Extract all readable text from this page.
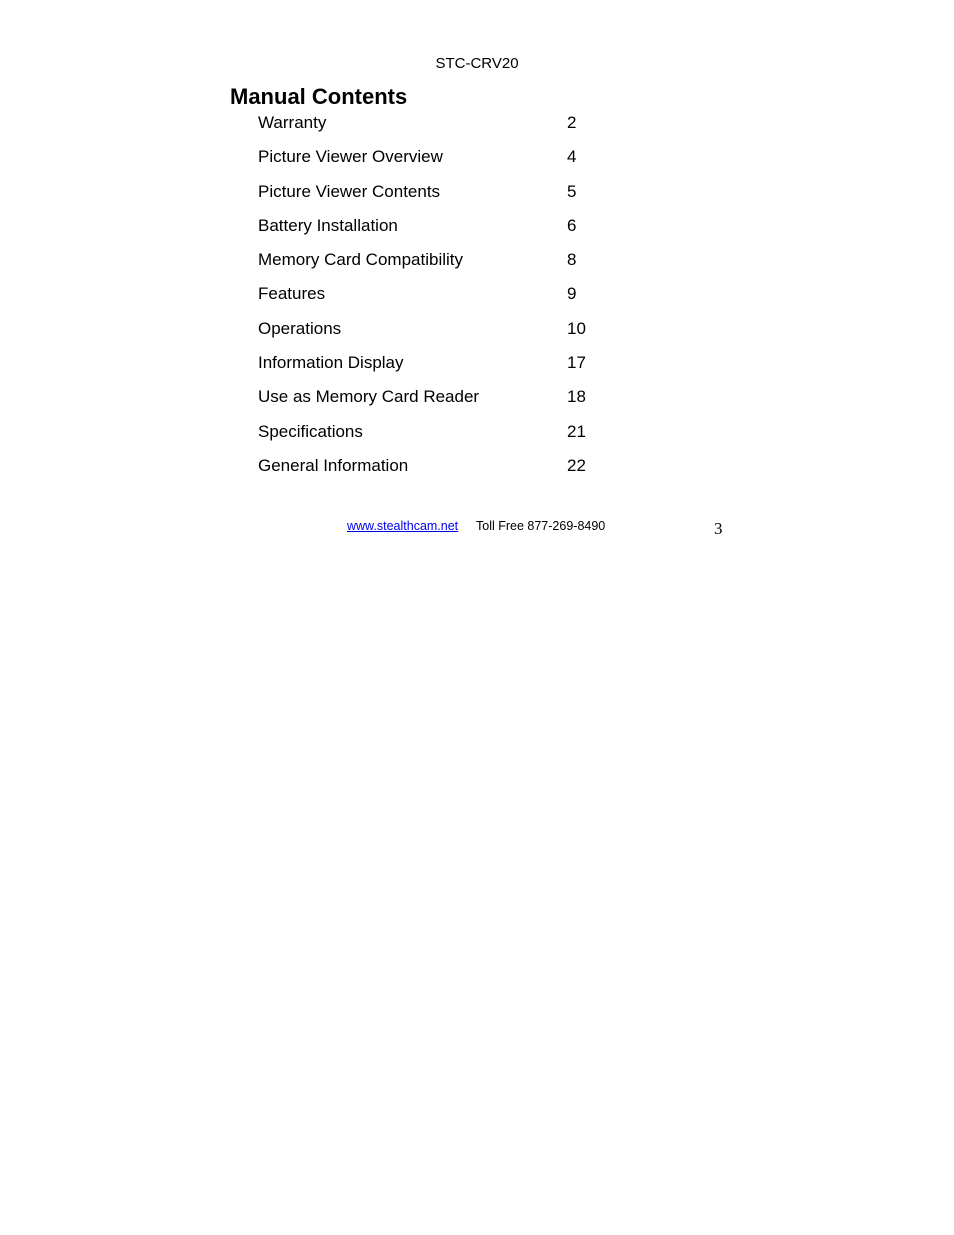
STC-CRV20
Manual Contents
Warranty	2
Picture Viewer Overview	4
Picture Viewer Contents	5
Battery Installation	6
Memory Card Compatibility	8
Features	9
Operations	10
Information Display	17
Use as Memory Card Reader	18
Specifications	21
General Information	22
www.stealthcam.net Toll Free 877-269-8490	3
